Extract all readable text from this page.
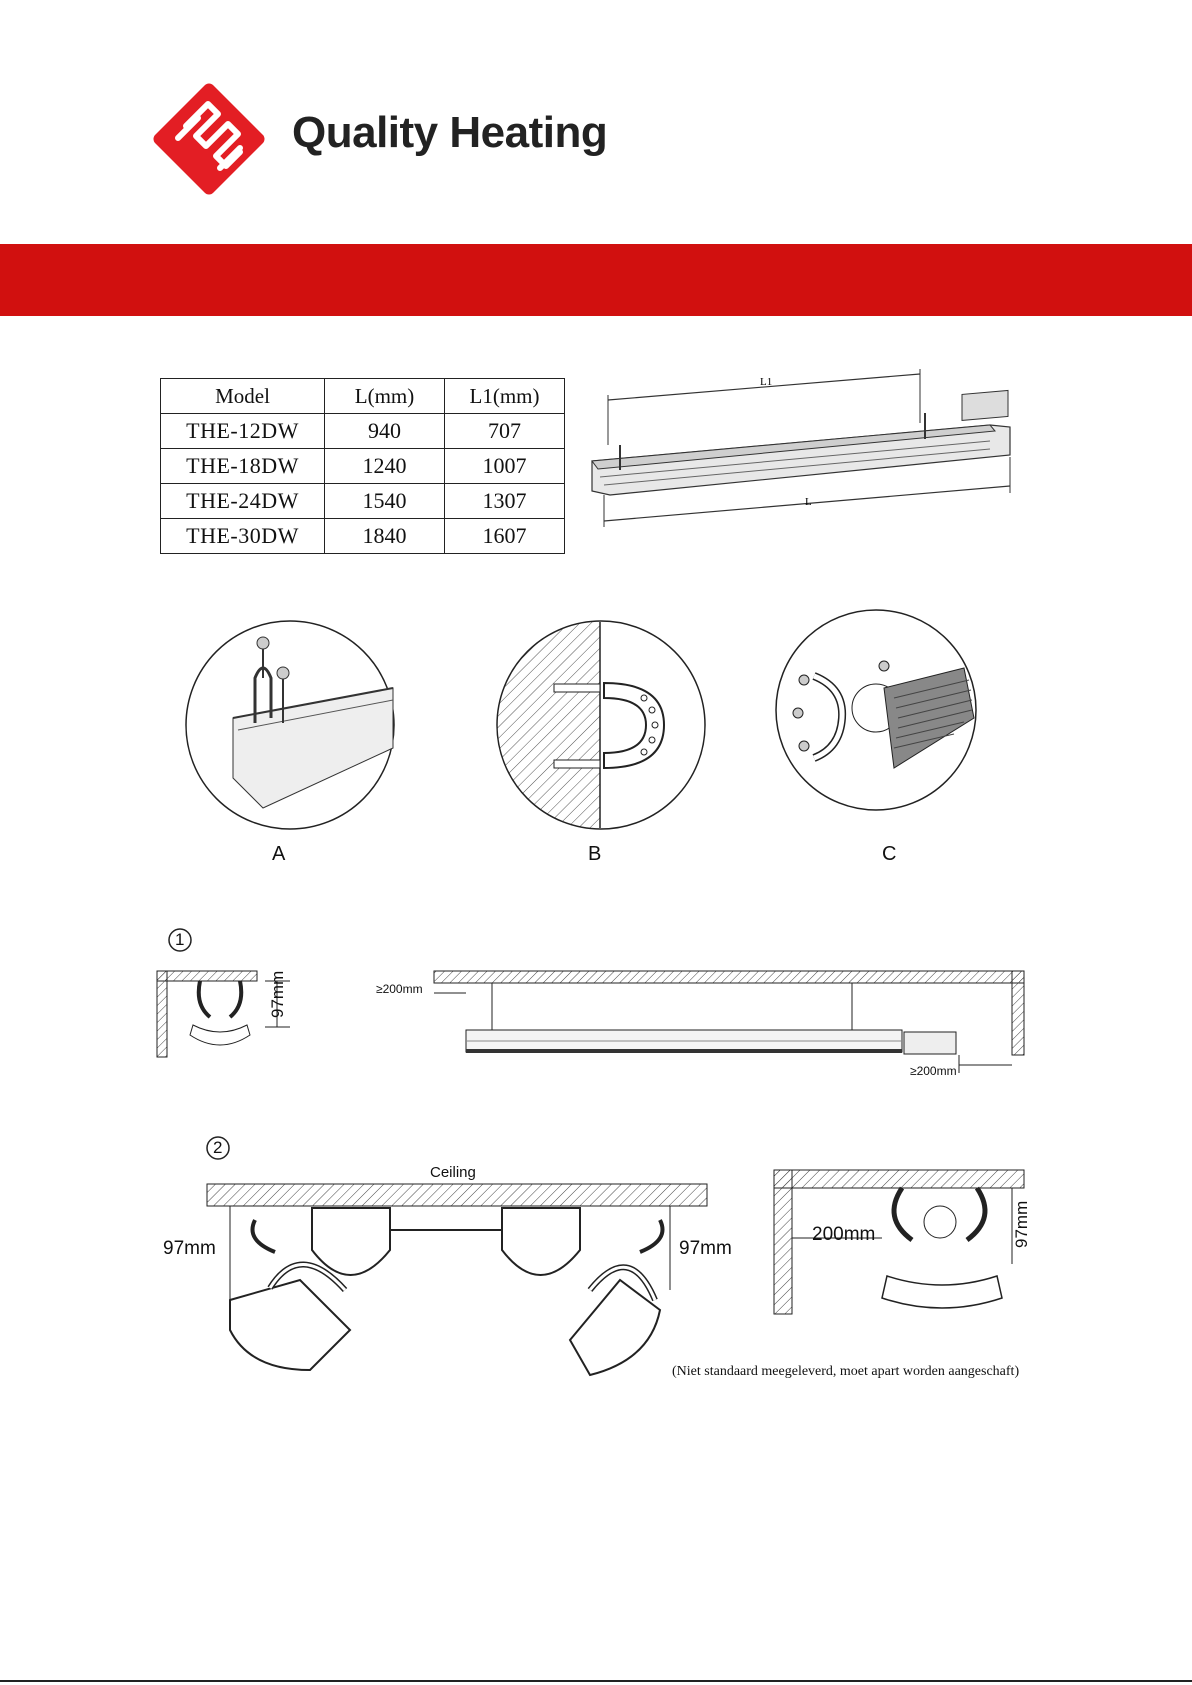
Quality Heating
Model	L(mm)	L1(mm)
THE-12DW	940	707
THE-18DW	1240	1007
THE-24DW	1540	1307
THE-30DW	1840	1607
L1
L
A	B	C
1
97mm	≥200mm
≥200mm
2
Ceiling
97mm	97mm
200mm	97mm
(Niet standaard meegeleverd, moet apart worden aangeschaft)
